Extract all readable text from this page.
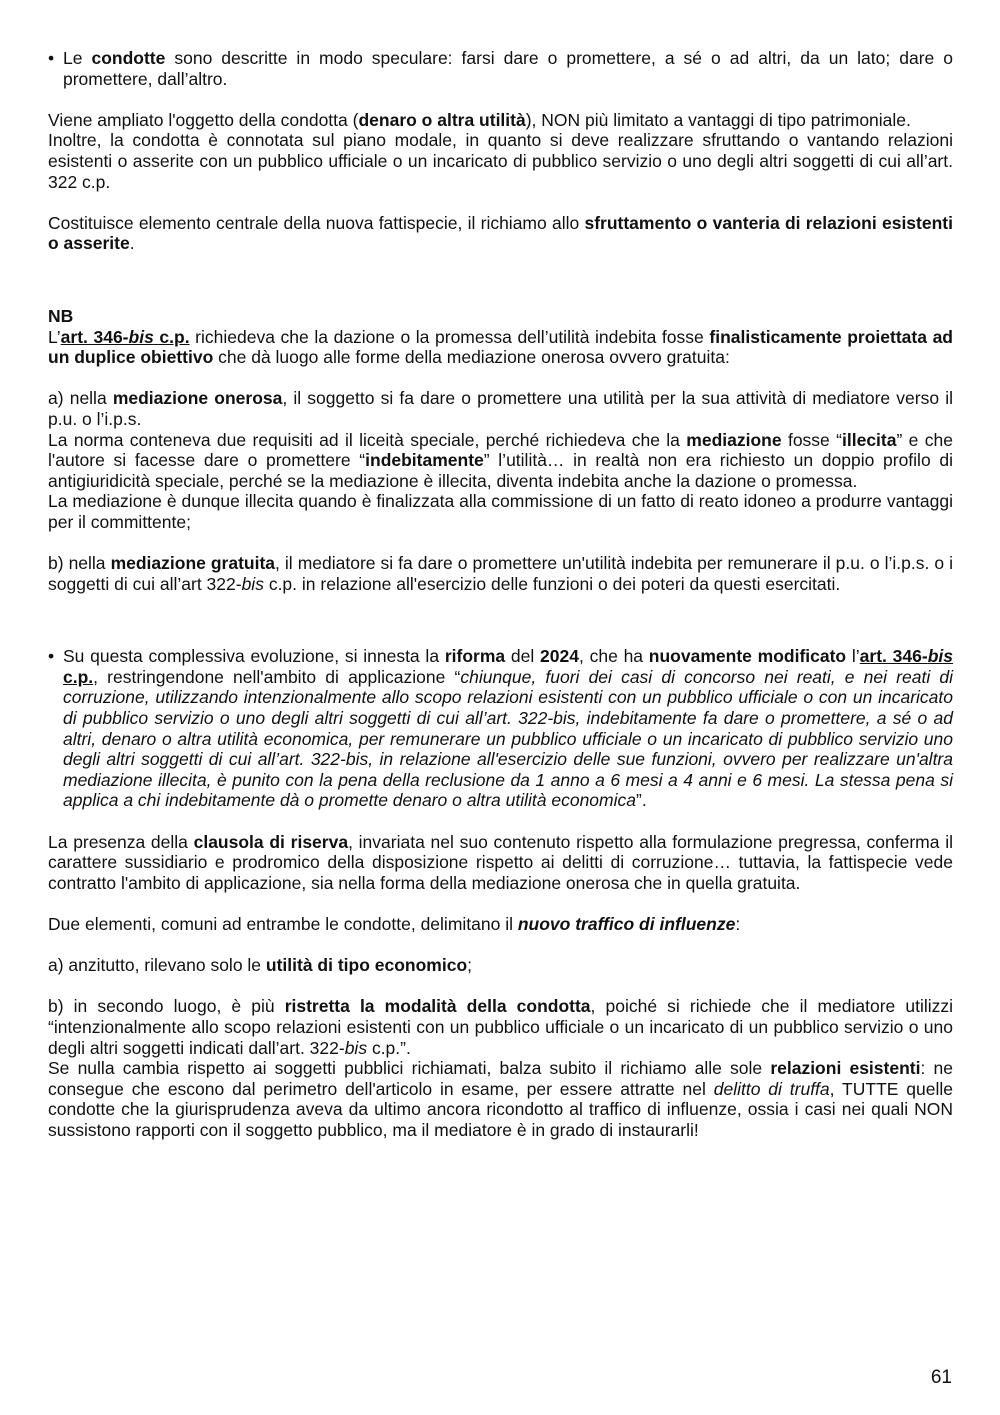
• Le condotte sono descritte in modo speculare: farsi dare o promettere, a sé o ad altri, da un lato; dare o promettere, dall’altro.

Viene ampliato l'oggetto della condotta (denaro o altra utilità), NON più limitato a vantaggi di tipo patrimoniale.

Inoltre, la condotta è connotata sul piano modale, in quanto si deve realizzare sfruttando o vantando relazioni esistenti o asserite con un pubblico ufficiale o un incaricato di pubblico servizio o uno degli altri soggetti di cui all’art. 322 c.p.

Costituisce elemento centrale della nuova fattispecie, il richiamo allo sfruttamento o vanteria di relazioni esistenti o asserite.

NB

L’art. 346-bis c.p. richiedeva che la dazione o la promessa dell’utilità indebita fosse finalisticamente proiettata ad un duplice obiettivo che dà luogo alle forme della mediazione onerosa ovvero gratuita:

a) nella mediazione onerosa, il soggetto si fa dare o promettere una utilità per la sua attività di mediatore verso il p.u. o l’i.p.s.

La norma conteneva due requisiti ad il liceità speciale, perché richiedeva che la mediazione fosse “illecita” e che l'autore si facesse dare o promettere “indebitamente” l’utilità… in realtà non era richiesto un doppio profilo di antigiuridicità speciale, perché se la mediazione è illecita, diventa indebita anche la dazione o promessa.

La mediazione è dunque illecita quando è finalizzata alla commissione di un fatto di reato idoneo a produrre vantaggi per il committente;

b) nella mediazione gratuita, il mediatore si fa dare o promettere un'utilità indebita per remunerare il p.u. o l’i.p.s. o i soggetti di cui all’art 322-bis c.p. in relazione all'esercizio delle funzioni o dei poteri da questi esercitati.

• Su questa complessiva evoluzione, si innesta la riforma del 2024, che ha nuovamente modificato l’art. 346-bis c.p., restringendone nell'ambito di applicazione “chiunque, fuori dei casi di concorso nei reati, e nei reati di corruzione, utilizzando intenzionalmente allo scopo relazioni esistenti con un pubblico ufficiale o con un incaricato di pubblico servizio o uno degli altri soggetti di cui all’art. 322-bis, indebitamente fa dare o promettere, a sé o ad altri, denaro o altra utilità economica, per remunerare un pubblico ufficiale o un incaricato di pubblico servizio uno degli altri soggetti di cui all’art. 322-bis, in relazione all'esercizio delle sue funzioni, ovvero per realizzare un'altra mediazione illecita, è punito con la pena della reclusione da 1 anno a 6 mesi a 4 anni e 6 mesi. La stessa pena si applica a chi indebitamente dà o promette denaro o altra utilità economica”.

La presenza della clausola di riserva, invariata nel suo contenuto rispetto alla formulazione pregressa, conferma il carattere sussidiario e prodromico della disposizione rispetto ai delitti di corruzione… tuttavia, la fattispecie vede contratto l'ambito di applicazione, sia nella forma della mediazione onerosa che in quella gratuita.

Due elementi, comuni ad entrambe le condotte, delimitano il nuovo traffico di influenze:

a) anzitutto, rilevano solo le utilità di tipo economico;

b) in secondo luogo, è più ristretta la modalità della condotta, poiché si richiede che il mediatore utilizzi “intenzionalmente allo scopo relazioni esistenti con un pubblico ufficiale o un incaricato di un pubblico servizio o uno degli altri soggetti indicati dall’art. 322-bis c.p.”.

Se nulla cambia rispetto ai soggetti pubblici richiamati, balza subito il richiamo alle sole relazioni esistenti: ne consegue che escono dal perimetro dell'articolo in esame, per essere attratte nel delitto di truffa, TUTTE quelle condotte che la giurisprudenza aveva da ultimo ancora ricondotto al traffico di influenze, ossia i casi nei quali NON sussistono rapporti con il soggetto pubblico, ma il mediatore è in grado di instaurarli!

61
